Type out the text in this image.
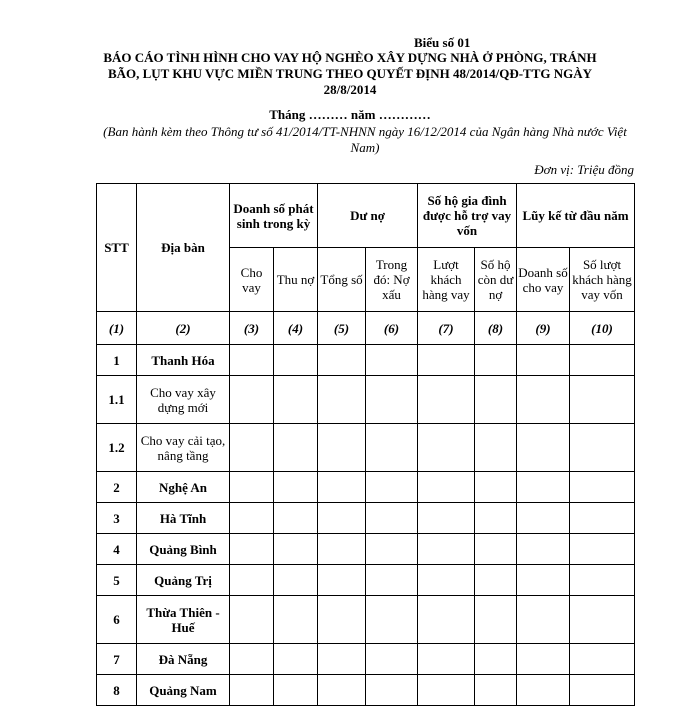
Biểu số 01
BÁO CÁO TÌNH HÌNH CHO VAY HỘ NGHÈO XÂY DỰNG NHÀ Ở PHÒNG, TRÁNH BÃO, LỤT KHU VỰC MIỀN TRUNG THEO QUYẾT ĐỊNH 48/2014/QĐ-TTG NGÀY 28/8/2014
Tháng ……… năm …………
(Ban hành kèm theo Thông tư số 41/2014/TT-NHNN ngày 16/12/2014 của Ngân hàng Nhà nước Việt Nam)
Đơn vị: Triệu đồng
STT	Địa bàn	Doanh số phát sinh trong kỳ		Dư nợ		Số hộ gia đình được hỗ trợ vay vốn		Lũy kế từ đầu năm	
		Cho vay	Thu nợ	Tổng số	Trong đó: Nợ xấu	Lượt khách hàng vay	Số hộ còn dư nợ	Doanh số cho vay	Số lượt khách hàng vay vốn
(1)	(2)	(3)	(4)	(5)	(6)	(7)	(8)	(9)	(10)
1	Thanh Hóa								
1.1	Cho vay xây dựng mới								
1.2	Cho vay cải tạo, nâng tầng								
2	Nghệ An								
3	Hà Tĩnh								
4	Quảng Bình								
5	Quảng Trị								
6	Thừa Thiên - Huế								
7	Đà Nẵng								
8	Quảng Nam								
